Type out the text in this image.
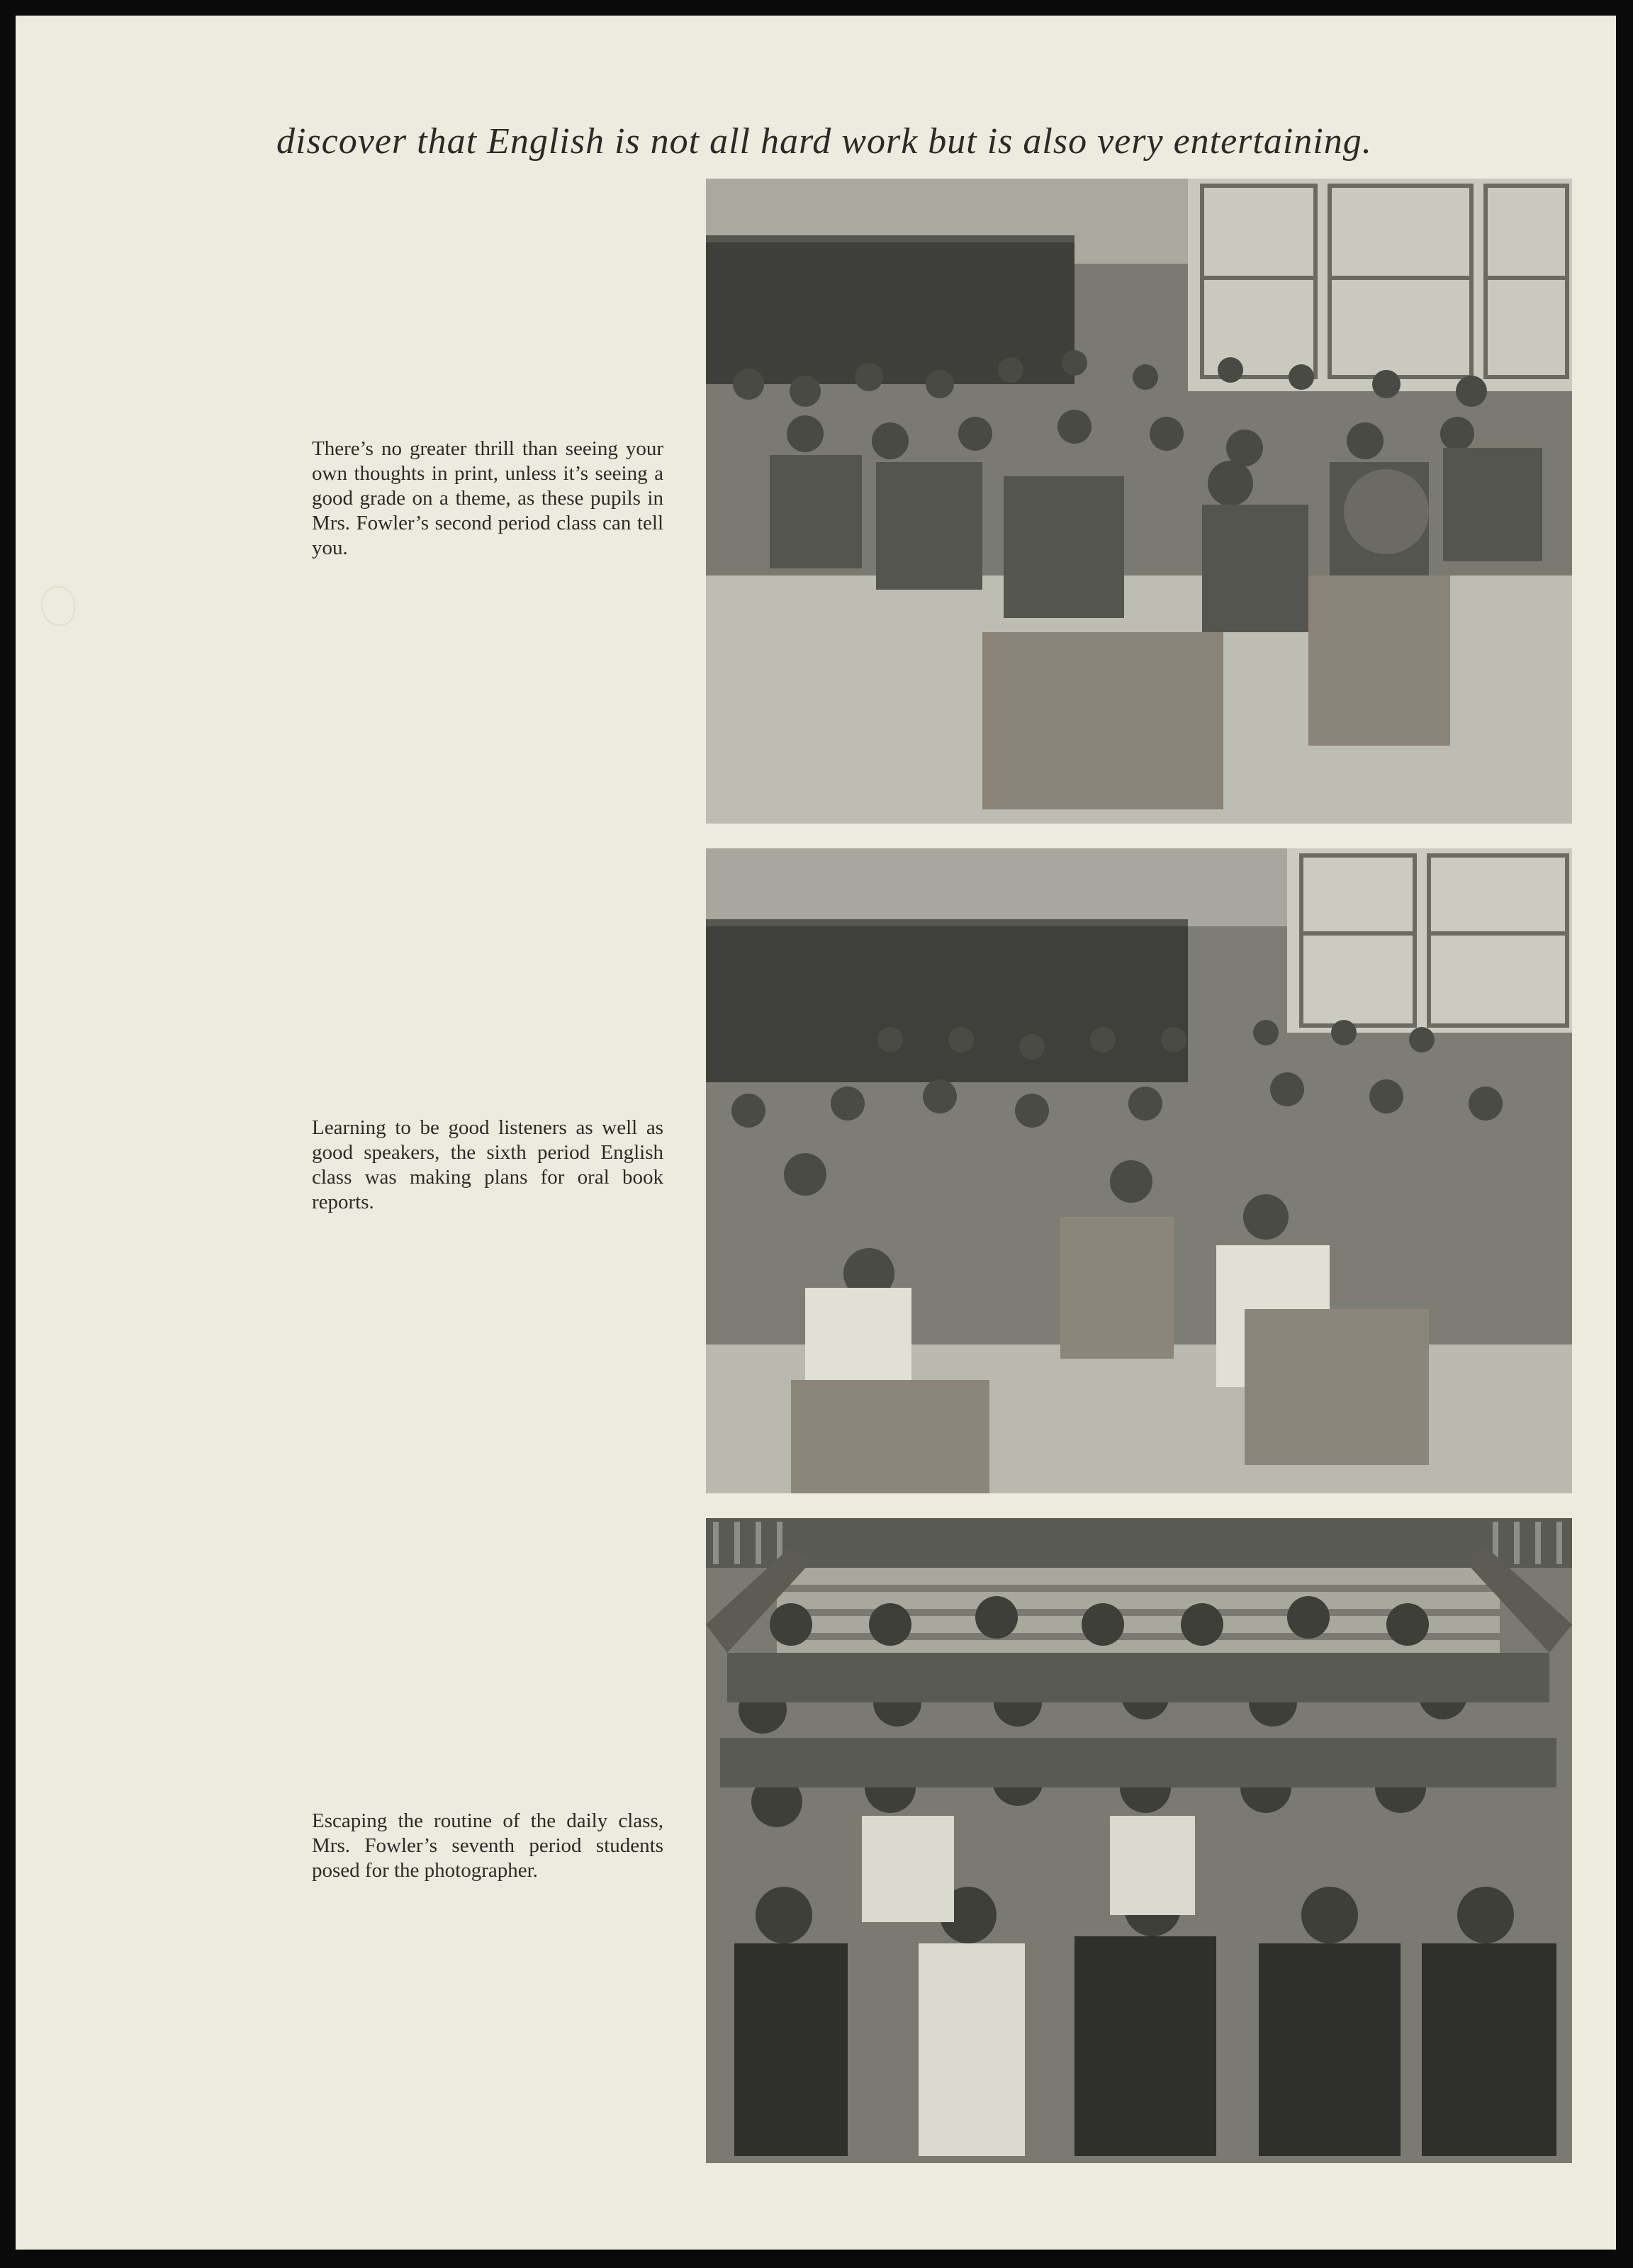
discover that English is not all hard work but is also very entertaining.
There’s no greater thrill than seeing your own thoughts in print, unless it’s seeing a good grade on a theme, as these pupils in Mrs. Fowler’s second period class can tell you.
Learning to be good listeners as well as good speakers, the sixth period English class was making plans for oral book reports.
Escaping the routine of the daily class, Mrs. Fowler’s seventh period students posed for the photographer.
